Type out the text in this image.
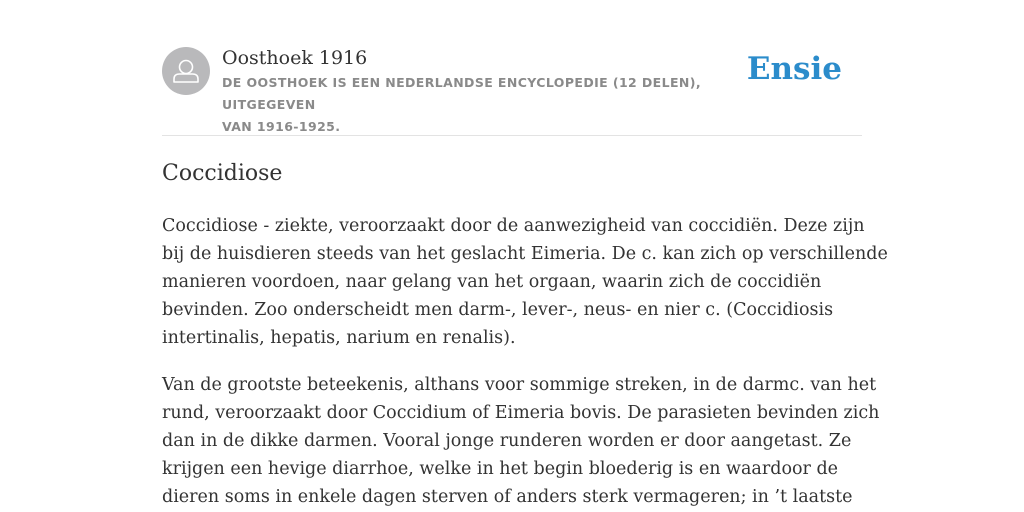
Oosthoek 1916
DE OOSTHOEK IS EEN NEDERLANDSE ENCYCLOPEDIE (12 DELEN), UITGEGEVEN
VAN 1916-1925.
Ensie
Coccidiose

Coccidiose - ziekte, veroorzaakt door de aanwezigheid van coccidiën. Deze zijn
bij de huisdieren steeds van het geslacht Eimeria. De c. kan zich op verschillende
manieren voordoen, naar gelang van het orgaan, waarin zich de coccidiën
bevinden. Zoo onderscheidt men darm-, lever-, neus- en nier c. (Coccidiosis
intertinalis, hepatis, narium en renalis).

Van de grootste beteekenis, althans voor sommige streken, in de darmc. van het
rund, veroorzaakt door Coccidium of Eimeria bovis. De parasieten bevinden zich
dan in de dikke darmen. Vooral jonge runderen worden er door aangetast. Ze
krijgen een hevige diarrhoe, welke in het begin bloederig is en waardoor de
dieren soms in enkele dagen sterven of anders sterk vermageren; in ’t laatste
